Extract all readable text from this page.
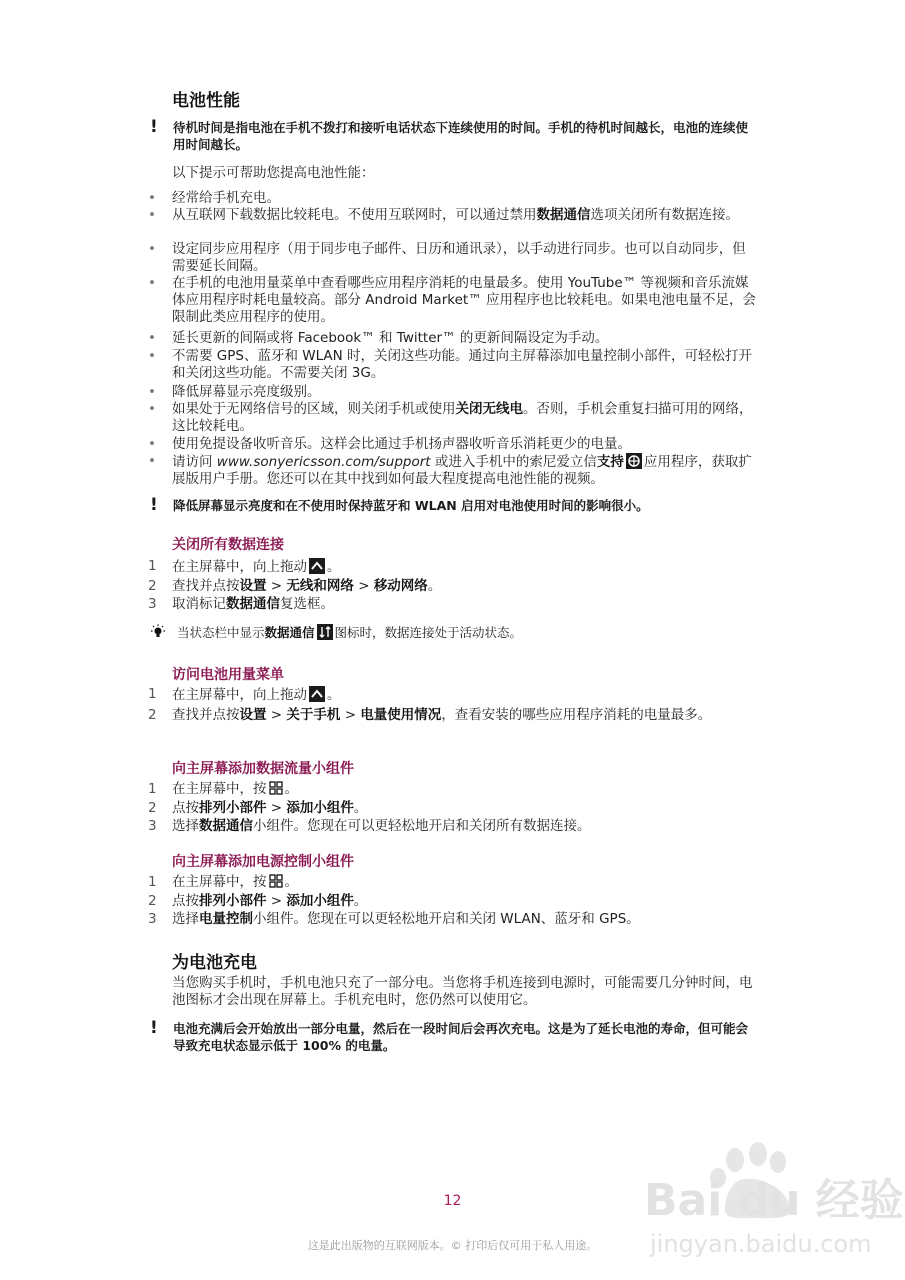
电池性能
!	待机时间是指电池在手机不拨打和接听电话状态下连续使用的时间。手机的待机时间越长，电池的连续使用时间越长。
以下提示可帮助您提高电池性能：
• 经常给手机充电。
• 从互联网下载数据比较耗电。不使用互联网时，可以通过禁用数据通信选项关闭所有数据连接。
• 设定同步应用程序（用于同步电子邮件、日历和通讯录），以手动进行同步。也可以自动同步，但需要延长间隔。
• 在手机的电池用量菜单中查看哪些应用程序消耗的电量最多。使用 YouTube™ 等视频和音乐流媒体应用程序时耗电量较高。部分 Android Market™ 应用程序也比较耗电。如果电池电量不足，会限制此类应用程序的使用。
• 延长更新的间隔或将 Facebook™ 和 Twitter™ 的更新间隔设定为手动。
• 不需要 GPS、蓝牙和 WLAN 时，关闭这些功能。通过向主屏幕添加电量控制小部件，可轻松打开和关闭这些功能。不需要关闭 3G。
• 降低屏幕显示亮度级别。
• 如果处于无网络信号的区域，则关闭手机或使用关闭无线电。否则，手机会重复扫描可用的网络，这比较耗电。
• 使用免提设备收听音乐。这样会比通过手机扬声器收听音乐消耗更少的电量。
• 请访问 www.sonyericsson.com/support 或进入手机中的索尼爱立信支持 应用程序，获取扩展版用户手册。您还可以在其中找到如何最大程度提高电池性能的视频。
!	降低屏幕显示亮度和在不使用时保持蓝牙和 WLAN 启用对电池使用时间的影响很小。
关闭所有数据连接
1 在主屏幕中，向上拖动 。
2 查找并点按设置 > 无线和网络 > 移动网络。
3 取消标记数据通信复选框。
当状态栏中显示数据通信 图标时，数据连接处于活动状态。
访问电池用量菜单
1 在主屏幕中，向上拖动 。
2 查找并点按设置 > 关于手机 > 电量使用情况，查看安装的哪些应用程序消耗的电量最多。
向主屏幕添加数据流量小组件
1 在主屏幕中，按 。
2 点按排列小部件 > 添加小组件。
3 选择数据通信小组件。您现在可以更轻松地开启和关闭所有数据连接。
向主屏幕添加电源控制小组件
1 在主屏幕中，按 。
2 点按排列小部件 > 添加小组件。
3 选择电量控制小组件。您现在可以更轻松地开启和关闭 WLAN、蓝牙和 GPS。
为电池充电
当您购买手机时，手机电池只充了一部分电。当您将手机连接到电源时，可能需要几分钟时间，电池图标才会出现在屏幕上。手机充电时，您仍然可以使用它。
!	电池充满后会开始放出一部分电量，然后在一段时间后会再次充电。这是为了延长电池的寿命，但可能会导致充电状态显示低于 100% 的电量。
Bai du 经验
jingyan.baidu.com
12
这是此出版物的互联网版本。© 打印后仅可用于私人用途。
